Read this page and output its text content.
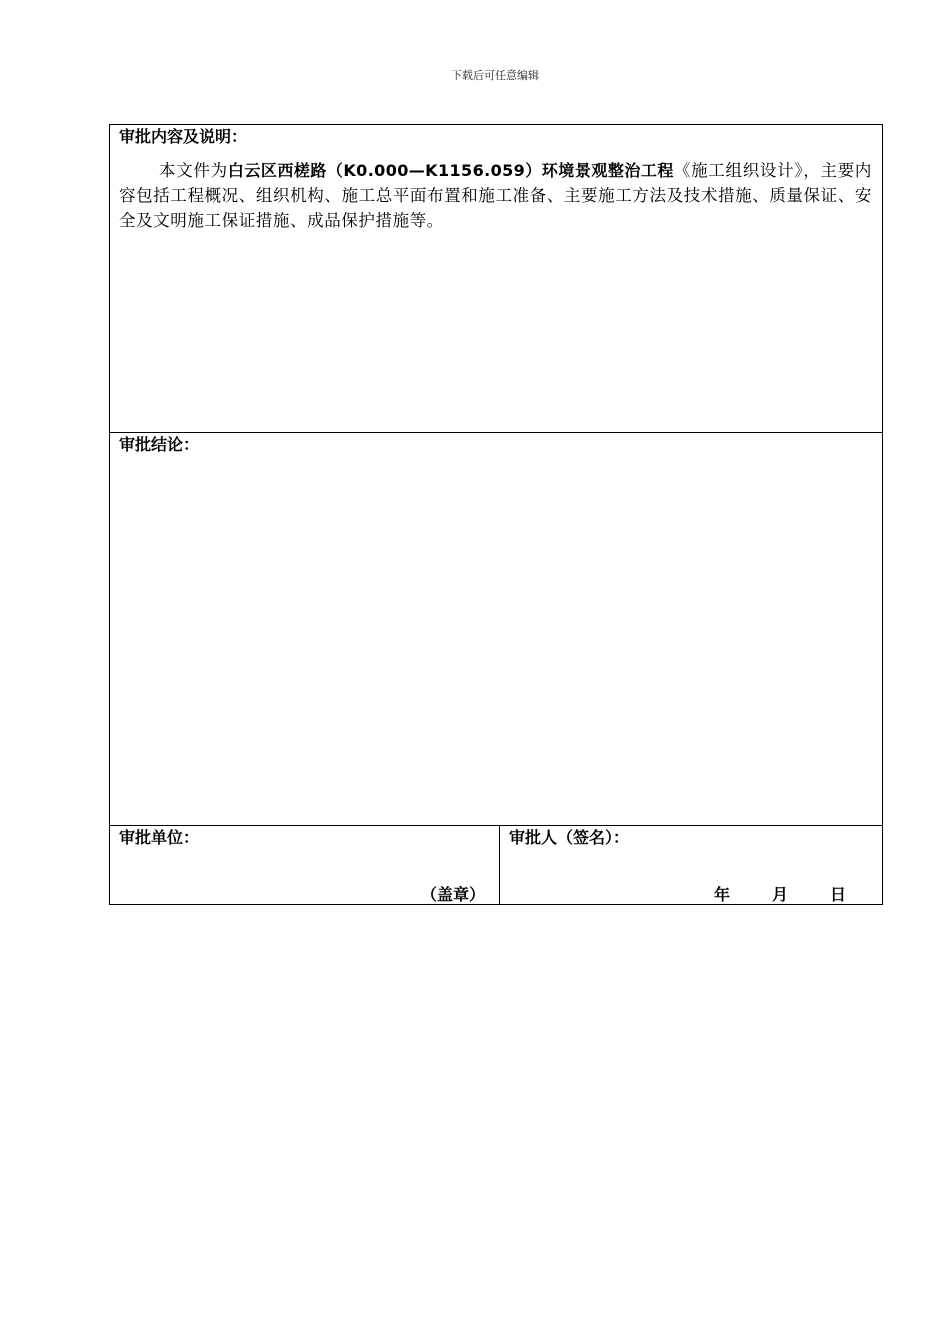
下载后可任意编辑
审批内容及说明：
本文件为白云区西槎路（K0.000—K1156.059）环境景观整治工程《施工组织设计》，主要内容包括工程概况、组织机构、施工总平面布置和施工准备、主要施工方法及技术措施、质量保证、安全及文明施工保证措施、成品保护措施等。

审批结论：

审批单位：
（盖章）

审批人（签名）：
年	月	日
